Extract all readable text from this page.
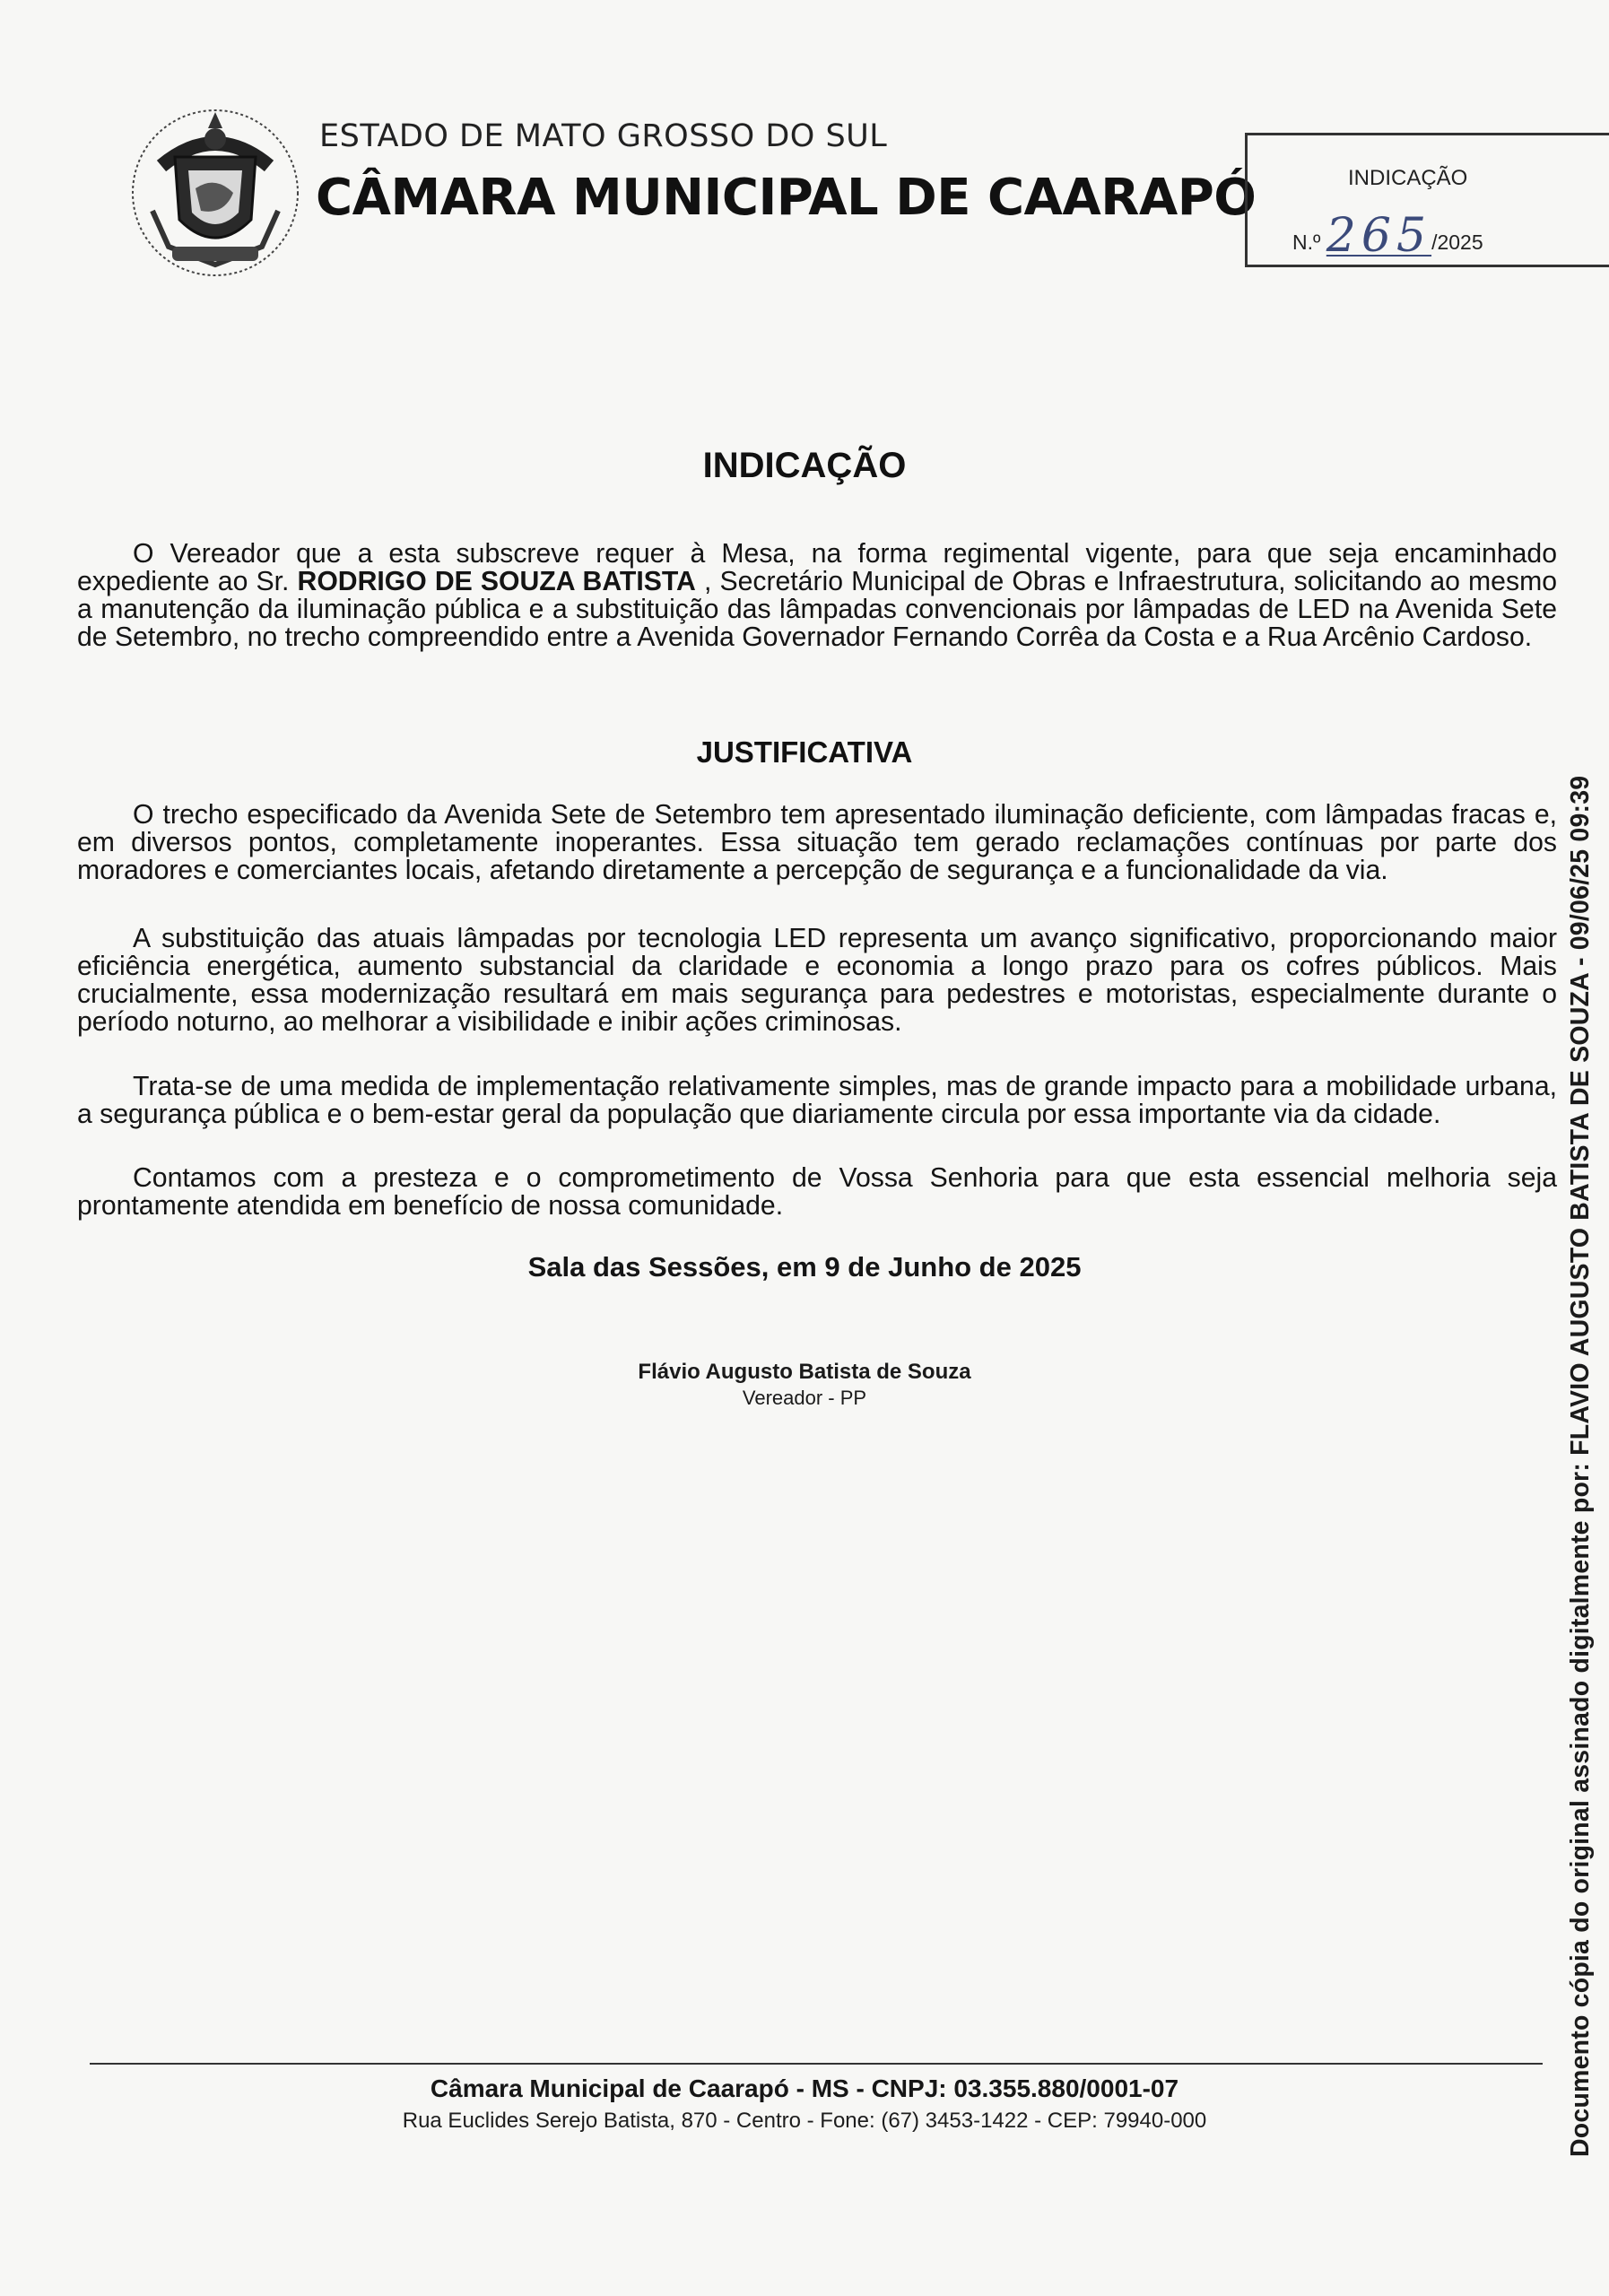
ESTADO DE MATO GROSSO DO SUL
CÂMARA MUNICIPAL DE CAARAPÓ	INDICAÇÃO
N.º 265/2025
INDICAÇÃO
O Vereador que a esta subscreve requer à Mesa, na forma regimental vigente, para que seja encaminhado expediente ao Sr. RODRIGO DE SOUZA BATISTA , Secretário Municipal de Obras e Infraestrutura, solicitando ao mesmo a manutenção da iluminação pública e a substituição das lâmpadas convencionais por lâmpadas de LED na Avenida Sete de Setembro, no trecho compreendido entre a Avenida Governador Fernando Corrêa da Costa e a Rua Arcênio Cardoso.
JUSTIFICATIVA
O trecho especificado da Avenida Sete de Setembro tem apresentado iluminação deficiente, com lâmpadas fracas e, em diversos pontos, completamente inoperantes. Essa situação tem gerado reclamações contínuas por parte dos moradores e comerciantes locais, afetando diretamente a percepção de segurança e a funcionalidade da via.
A substituição das atuais lâmpadas por tecnologia LED representa um avanço significativo, proporcionando maior eficiência energética, aumento substancial da claridade e economia a longo prazo para os cofres públicos. Mais crucialmente, essa modernização resultará em mais segurança para pedestres e motoristas, especialmente durante o período noturno, ao melhorar a visibilidade e inibir ações criminosas.
Trata-se de uma medida de implementação relativamente simples, mas de grande impacto para a mobilidade urbana, a segurança pública e o bem-estar geral da população que diariamente circula por essa importante via da cidade.
Contamos com a presteza e o comprometimento de Vossa Senhoria para que esta essencial melhoria seja prontamente atendida em benefício de nossa comunidade.
Sala das Sessões, em 9 de Junho de 2025
Flávio Augusto Batista de Souza
Vereador - PP
Câmara Municipal de Caarapó - MS - CNPJ: 03.355.880/0001-07
Rua Euclides Serejo Batista, 870 - Centro - Fone: (67) 3453-1422 - CEP: 79940-000	Documento cópia do original assinado digitalmente por: FLAVIO AUGUSTO BATISTA DE SOUZA - 09/06/25 09:39
